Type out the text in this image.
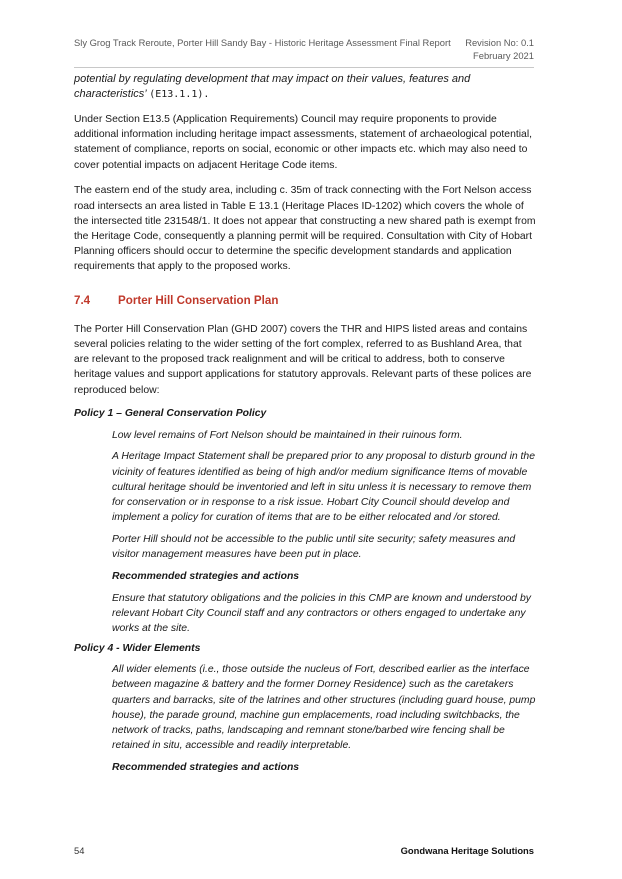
Sly Grog Track Reroute, Porter Hill Sandy Bay - Historic Heritage Assessment Final Report Revision No: 0.1
February 2021

potential by regulating development that may impact on their values, features and characteristics’ (E13.1.1).

Under Section E13.5 (Application Requirements) Council may require proponents to provide additional information including heritage impact assessments, statement of archaeological potential, statement of compliance, reports on social, economic or other impacts etc. which may also need to cover potential impacts on adjacent Heritage Code items.

The eastern end of the study area, including c. 35m of track connecting with the Fort Nelson access road intersects an area listed in Table E 13.1 (Heritage Places ID-1202) which covers the whole of the intersected title 231548/1. It does not appear that constructing a new shared path is exempt from the Heritage Code, consequently a planning permit will be required. Consultation with City of Hobart Planning officers should occur to determine the specific development standards and application requirements that apply to the proposed works.

7.4 Porter Hill Conservation Plan

The Porter Hill Conservation Plan (GHD 2007) covers the THR and HIPS listed areas and contains several policies relating to the wider setting of the fort complex, referred to as Bushland Area, that are relevant to the proposed track realignment and will be critical to address, both to conserve heritage values and support applications for statutory approvals. Relevant parts of these polices are reproduced below:

Policy 1 – General Conservation Policy

Low level remains of Fort Nelson should be maintained in their ruinous form.

A Heritage Impact Statement shall be prepared prior to any proposal to disturb ground in the vicinity of features identified as being of high and/or medium significance Items of movable cultural heritage should be inventoried and left in situ unless it is necessary to remove them for conservation or in response to a risk issue. Hobart City Council should develop and implement a policy for curation of items that are to be either relocated and /or stored.

Porter Hill should not be accessible to the public until site security; safety measures and visitor management measures have been put in place.

Recommended strategies and actions

Ensure that statutory obligations and the policies in this CMP are known and understood by relevant Hobart City Council staff and any contractors or others engaged to undertake any works at the site.

Policy 4 - Wider Elements

All wider elements (i.e., those outside the nucleus of Fort, described earlier as the interface between magazine & battery and the former Dorney Residence) such as the caretakers quarters and barracks, site of the latrines and other structures (including guard house, pump house), the parade ground, machine gun emplacements, road including switchbacks, the network of tracks, paths, landscaping and remnant stone/barbed wire fencing shall be retained in situ, accessible and readily interpretable.

Recommended strategies and actions

54	Gondwana Heritage Solutions
